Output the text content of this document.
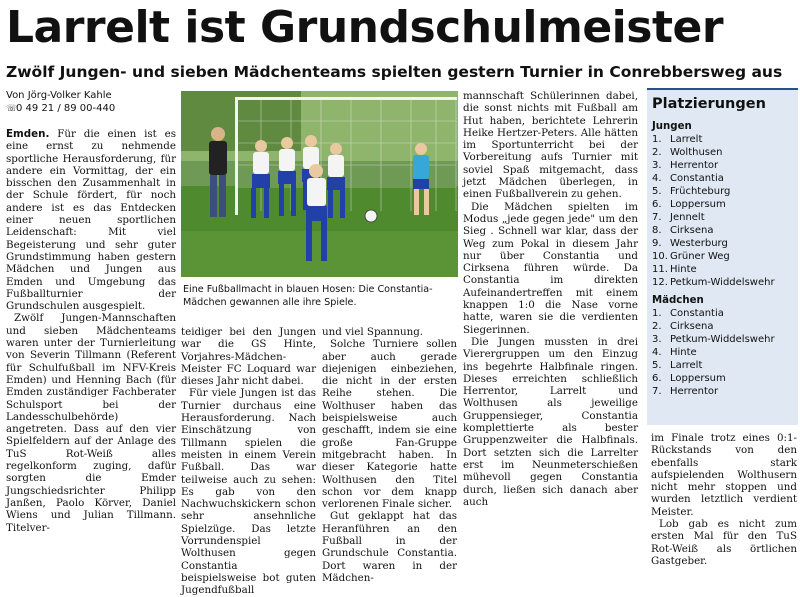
Larrelt ist Grundschulmeister
Zwölf Jungen- und sieben Mädchenteams spielten gestern Turnier in Conrebbersweg aus
Von Jörg-Volker Kahle
☏0 49 21 / 89 00-440

Emden. Für die einen ist es eine ernst zu nehmende sportliche Herausforderung, für andere ein Vormittag, der ein bisschen den Zusammenhalt in der Schule fördert, für noch andere ist es das Entdecken einer neuen sportlichen Leidenschaft: Mit viel Begeisterung und sehr guter Grundstimmung haben gestern Mädchen und Jungen aus Emden und Umgebung das Fußballturnier der Grundschulen ausgespielt.

Zwölf Jungen-Mannschaften und sieben Mädchenteams waren unter der Turnierleitung von Severin Tillmann (Referent für Schulfußball im NFV-Kreis Emden) und Henning Bach (für Emden zuständiger Fachberater Schulsport bei der Landesschulbehörde) angetreten. Dass auf den vier Spielfeldern auf der Anlage des TuS Rot-Weiß alles regelkonform zuging, dafür sorgten die Emder Jungschiedsrichter Philipp Janßen, Paolo Körver, Daniel Wiens und Julian Tillmann. Titelver-

Eine Fußballmacht in blauen Hosen: Die Constantia-Mädchen gewannen alle ihre Spiele.

teidiger bei den Jungen war die GS Hinte, Vorjahres-Mädchen-Meister FC Loquard war dieses Jahr nicht dabei.

Für viele Jungen ist das Turnier durchaus eine Herausforderung. Nach Einschätzung von Tillmann spielen die meisten in einem Verein Fußball. Das war teilweise auch zu sehen: Es gab von den Nachwuchskickern schon sehr ansehnliche Spielzüge. Das letzte Vorrundenspiel Wolthusen gegen Constantia beispielsweise bot guten Jugendfußball

und viel Spannung.

Solche Turniere sollen aber auch gerade diejenigen einbeziehen, die nicht in der ersten Reihe stehen. Die Wolthuser haben das beispielsweise auch geschafft, indem sie eine große Fan-Gruppe mitgebracht haben. In dieser Kategorie hatte Wolthusen den Titel schon vor dem knapp verlorenen Finale sicher.

Gut geklappt hat das Heranführen an den Fußball in der Grundschule Constantia. Dort waren in der Mädchen-

mannschaft Schülerinnen dabei, die sonst nichts mit Fußball am Hut haben, berichtete Lehrerin Heike Hertzer-Peters. Alle hätten im Sportunterricht bei der Vorbereitung aufs Turnier mit soviel Spaß mitgemacht, dass jetzt Mädchen überlegen, in einen Fußballverein zu gehen.

Die Mädchen spielten im Modus „jede gegen jede" um den Sieg . Schnell war klar, dass der Weg zum Pokal in diesem Jahr nur über Constantia und Cirksena führen würde. Da Constantia im direkten Aufeinandertreffen mit einem knappen 1:0 die Nase vorne hatte, waren sie die verdienten Siegerinnen.

Die Jungen mussten in drei Vierergruppen um den Einzug ins begehrte Halbfinale ringen. Dieses erreichten schließlich Herrentor, Larrelt und Wolthusen als jeweilige Gruppensieger, Constantia komplettierte als bester Gruppenzweiter die Halbfinals. Dort setzten sich die Larrelter erst im Neunmeterschießen mühevoll gegen Constantia durch, ließen sich danach aber auch

Platzierungen
Jungen
1. Larrelt
2. Wolthusen
3. Herrentor
4. Constantia
5. Früchteburg
6. Loppersum
7. Jennelt
8. Cirksena
9. Westerburg
10. Grüner Weg
11. Hinte
12. Petkum-Widdelswehr
Mädchen
1. Constantia
2. Cirksena
3. Petkum-Widdelswehr
4. Hinte
5. Larrelt
6. Loppersum
7. Herrentor

im Finale trotz eines 0:1-Rückstands von den ebenfalls stark aufspielenden Wolthusern nicht mehr stoppen und wurden letztlich verdient Meister.

Lob gab es nicht zum ersten Mal für den TuS Rot-Weiß als örtlichen Gastgeber.
